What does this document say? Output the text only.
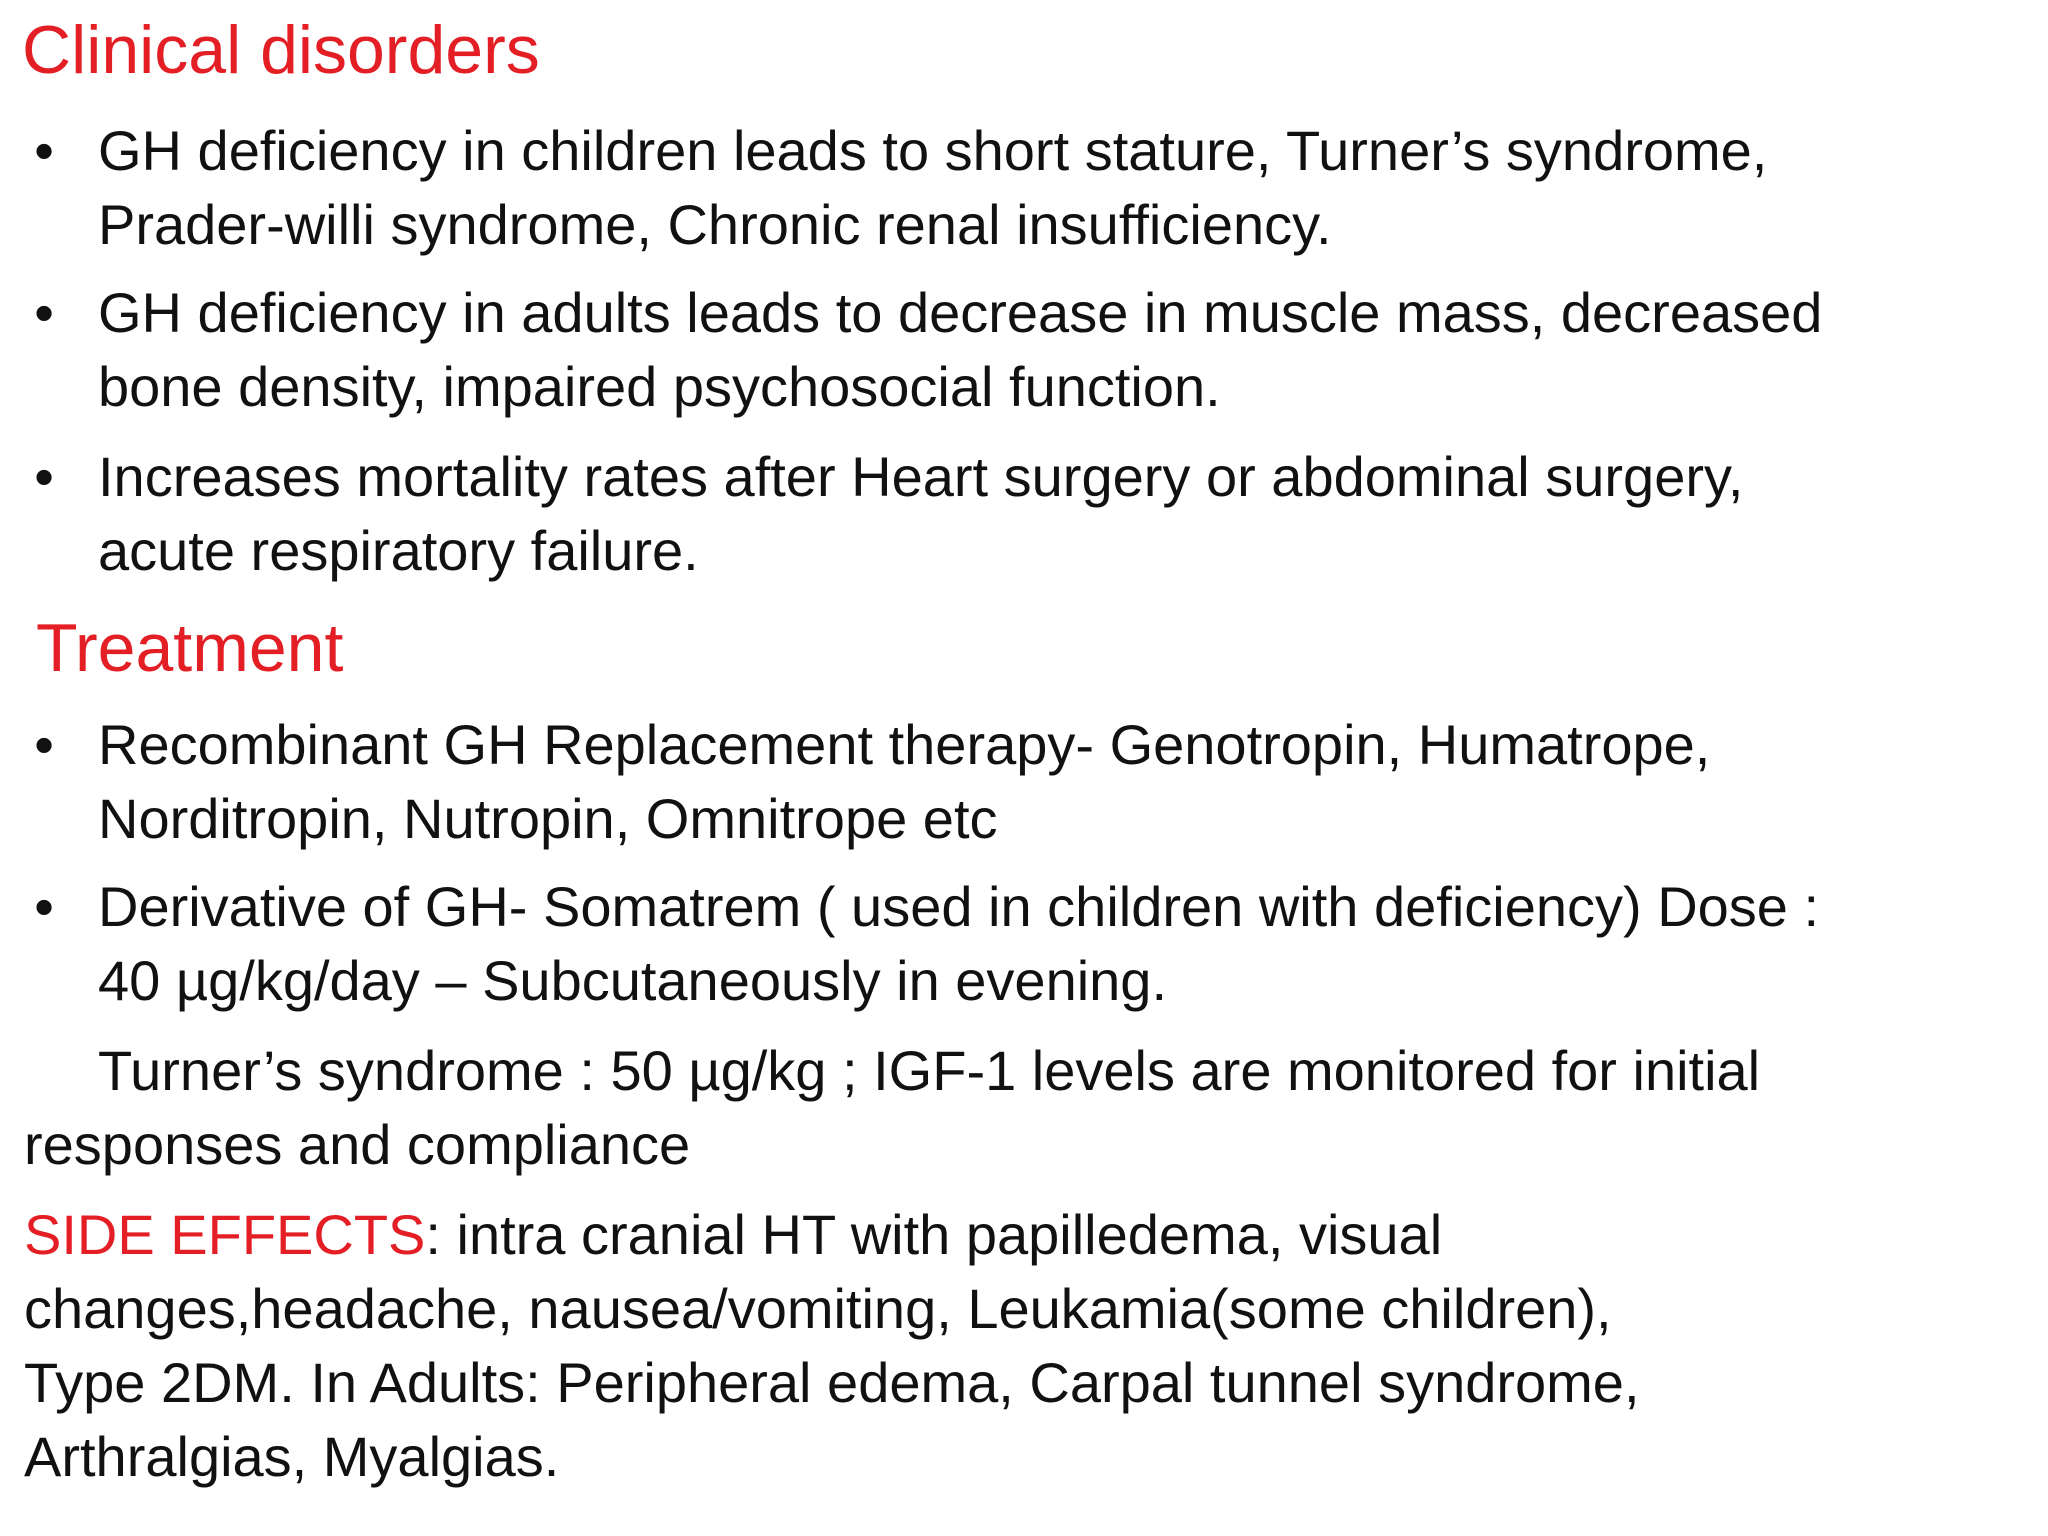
Clinical disorders
• GH deficiency in children leads to short stature, Turner’s syndrome,
Prader-willi syndrome, Chronic renal insufficiency.
• GH deficiency in adults leads to decrease in muscle mass, decreased
bone density, impaired psychosocial function.
• Increases mortality rates after Heart surgery or abdominal surgery,
acute respiratory failure.
Treatment
• Recombinant GH Replacement therapy- Genotropin, Humatrope,
Norditropin, Nutropin, Omnitrope etc
• Derivative of GH- Somatrem ( used in children with deficiency) Dose :
40 µg/kg/day – Subcutaneously in evening.
Turner’s syndrome : 50 µg/kg ; IGF-1 levels are monitored for initial
responses and compliance
SIDE EFFECTS: intra cranial HT with papilledema, visual
changes,headache, nausea/vomiting, Leukamia(some children),
Type 2DM. In Adults: Peripheral edema, Carpal tunnel syndrome,
Arthralgias, Myalgias.
